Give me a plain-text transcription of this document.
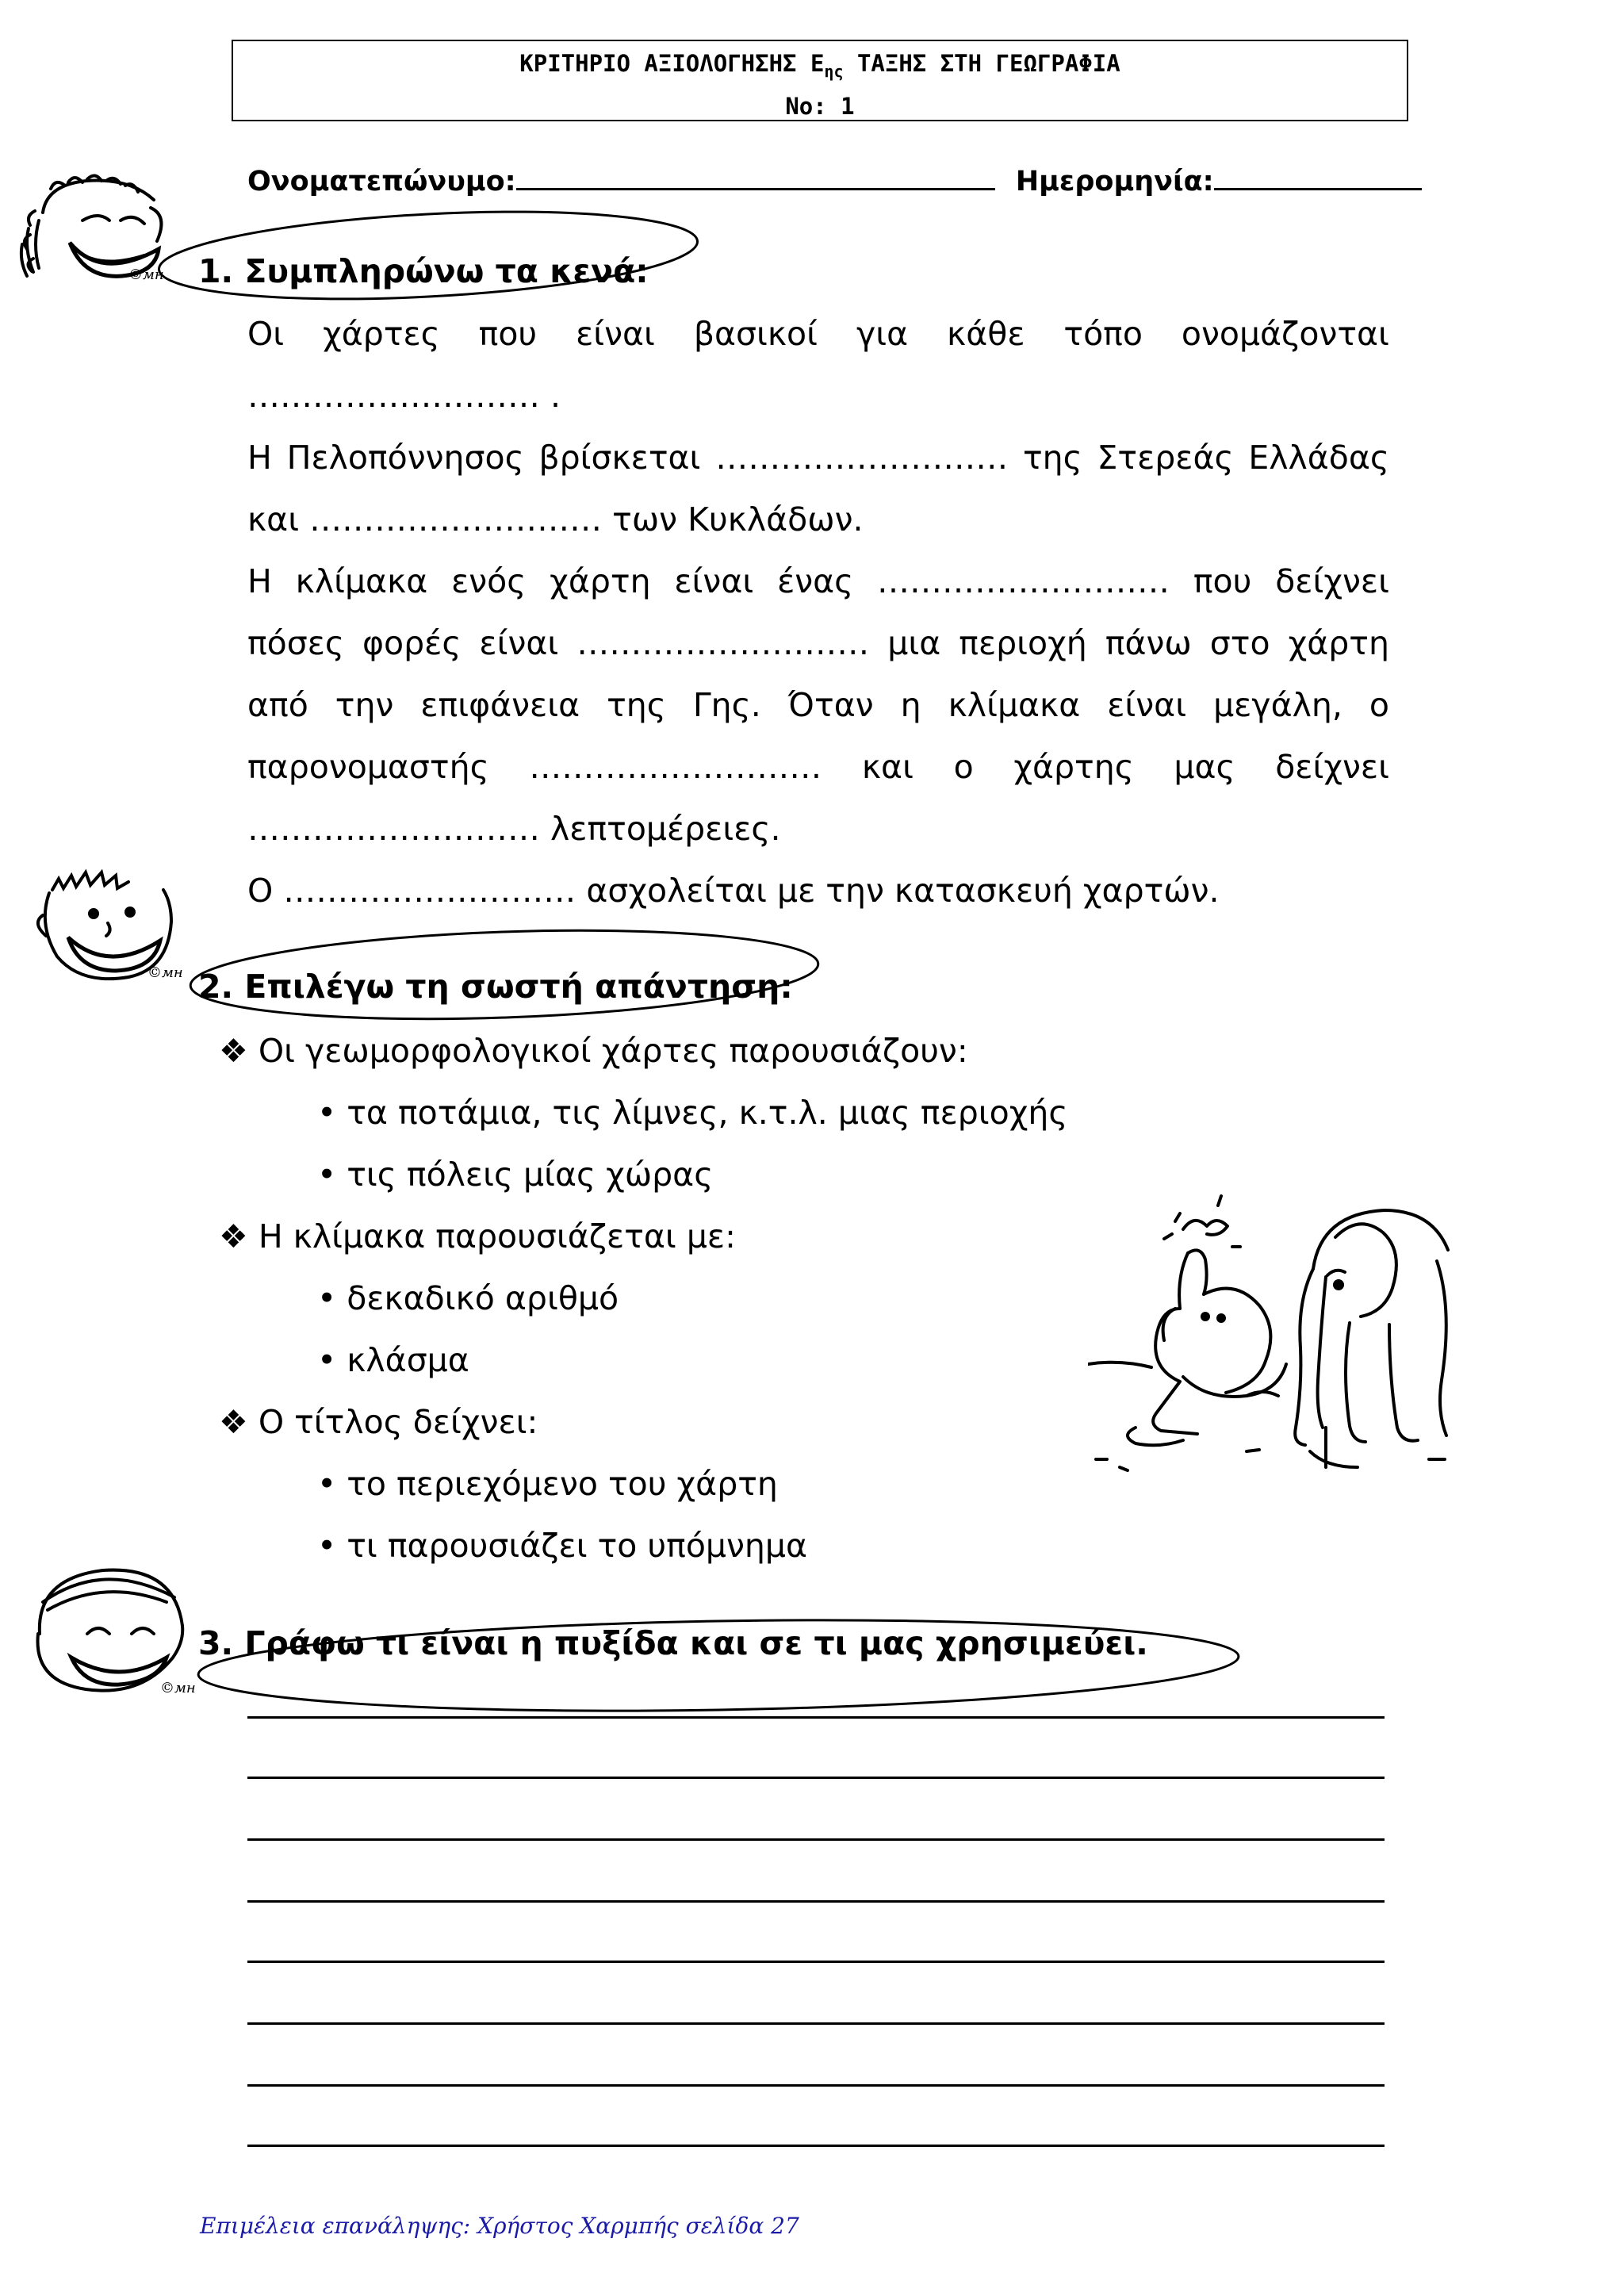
ΚΡΙΤΗΡΙΟ ΑΞΙΟΛΟΓΗΣΗΣ $E_{\eta\varsigma}$ ΤΑΞΗΣ ΣΤΗ ΓΕΩΓΡΑΦΙΑ
Νο: 1
Ονοματεπώνυμο:	Ημερομηνία:
©мн 1. Συμπληρώνω τα κενά:
Οι χάρτες που είναι βασικοί για κάθε τόπο ονομάζονται
……………………… .
Η Πελοπόννησος βρίσκεται ……………………… της Στερεάς Ελλάδας
και ……………………… των Κυκλάδων.
Η κλίμακα ενός χάρτη είναι ένας ……………………… που δείχνει
πόσες φορές είναι ……………………… μια περιοχή πάνω στο χάρτη
από την επιφάνεια της Γης. Όταν η κλίμακα είναι μεγάλη, ο
παρονομαστής ……………………… και ο χάρτης μας δείχνει
……………………… λεπτομέρειες.
Ο ……………………… ασχολείται με την κατασκευή χαρτών.
©мн 2. Επιλέγω τη σωστή απάντηση:
❖ Οι γεωμορφολογικοί χάρτες παρουσιάζουν:
• τα ποτάμια, τις λίμνες, κ.τ.λ. μιας περιοχής
• τις πόλεις μίας χώρας
❖ Η κλίμακα παρουσιάζεται με:
• δεκαδικό αριθμό
• κλάσμα
❖ Ο τίτλος δείχνει:
• το περιεχόμενο του χάρτη
• τι παρουσιάζει το υπόμνημα
©мн
3. Γράφω τι είναι η πυξίδα και σε τι μας χρησιμεύει.
Επιμέλεια επανάληψης: Χρήστος Χαρμπής σελίδα 27
